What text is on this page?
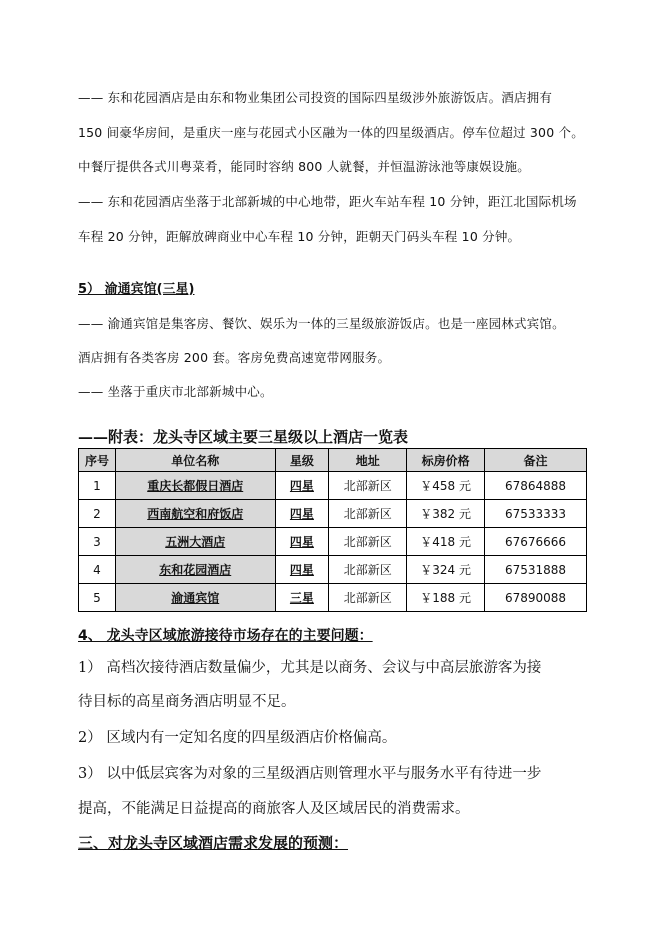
—— 东和花园酒店是由东和物业集团公司投资的国际四星级涉外旅游饭店。酒店拥有
150 间豪华房间，是重庆一座与花园式小区融为一体的四星级酒店。停车位超过 300 个。
中餐厅提供各式川粤菜肴，能同时容纳 800 人就餐，并恒温游泳池等康娱设施。
—— 东和花园酒店坐落于北部新城的中心地带，距火车站车程 10 分钟，距江北国际机场
车程 20 分钟，距解放碑商业中心车程 10 分钟，距朝天门码头车程 10 分钟。
5） 渝通宾馆(三星)
—— 渝通宾馆是集客房、餐饮、娱乐为一体的三星级旅游饭店。也是一座园林式宾馆。
酒店拥有各类客房 200 套。客房免费高速宽带网服务。
—— 坐落于重庆市北部新城中心。
——附表：龙头寺区域主要三星级以上酒店一览表
序号	单位名称	星级	地址	标房价格	备注
1	重庆长都假日酒店	四星	北部新区	￥458 元	67864888
2	西南航空和府饭店	四星	北部新区	￥382 元	67533333
3	五洲大酒店	四星	北部新区	￥418 元	67676666
4	东和花园酒店	四星	北部新区	￥324 元	67531888
5	渝通宾馆	三星	北部新区	￥188 元	67890088
4、 龙头寺区域旅游接待市场存在的主要问题：
1） 高档次接待酒店数量偏少，尤其是以商务、会议与中高层旅游客为接
待目标的高星商务酒店明显不足。
2） 区域内有一定知名度的四星级酒店价格偏高。
3） 以中低层宾客为对象的三星级酒店则管理水平与服务水平有待进一步
提高，不能满足日益提高的商旅客人及区域居民的消费需求。
三、对龙头寺区域酒店需求发展的预测：
